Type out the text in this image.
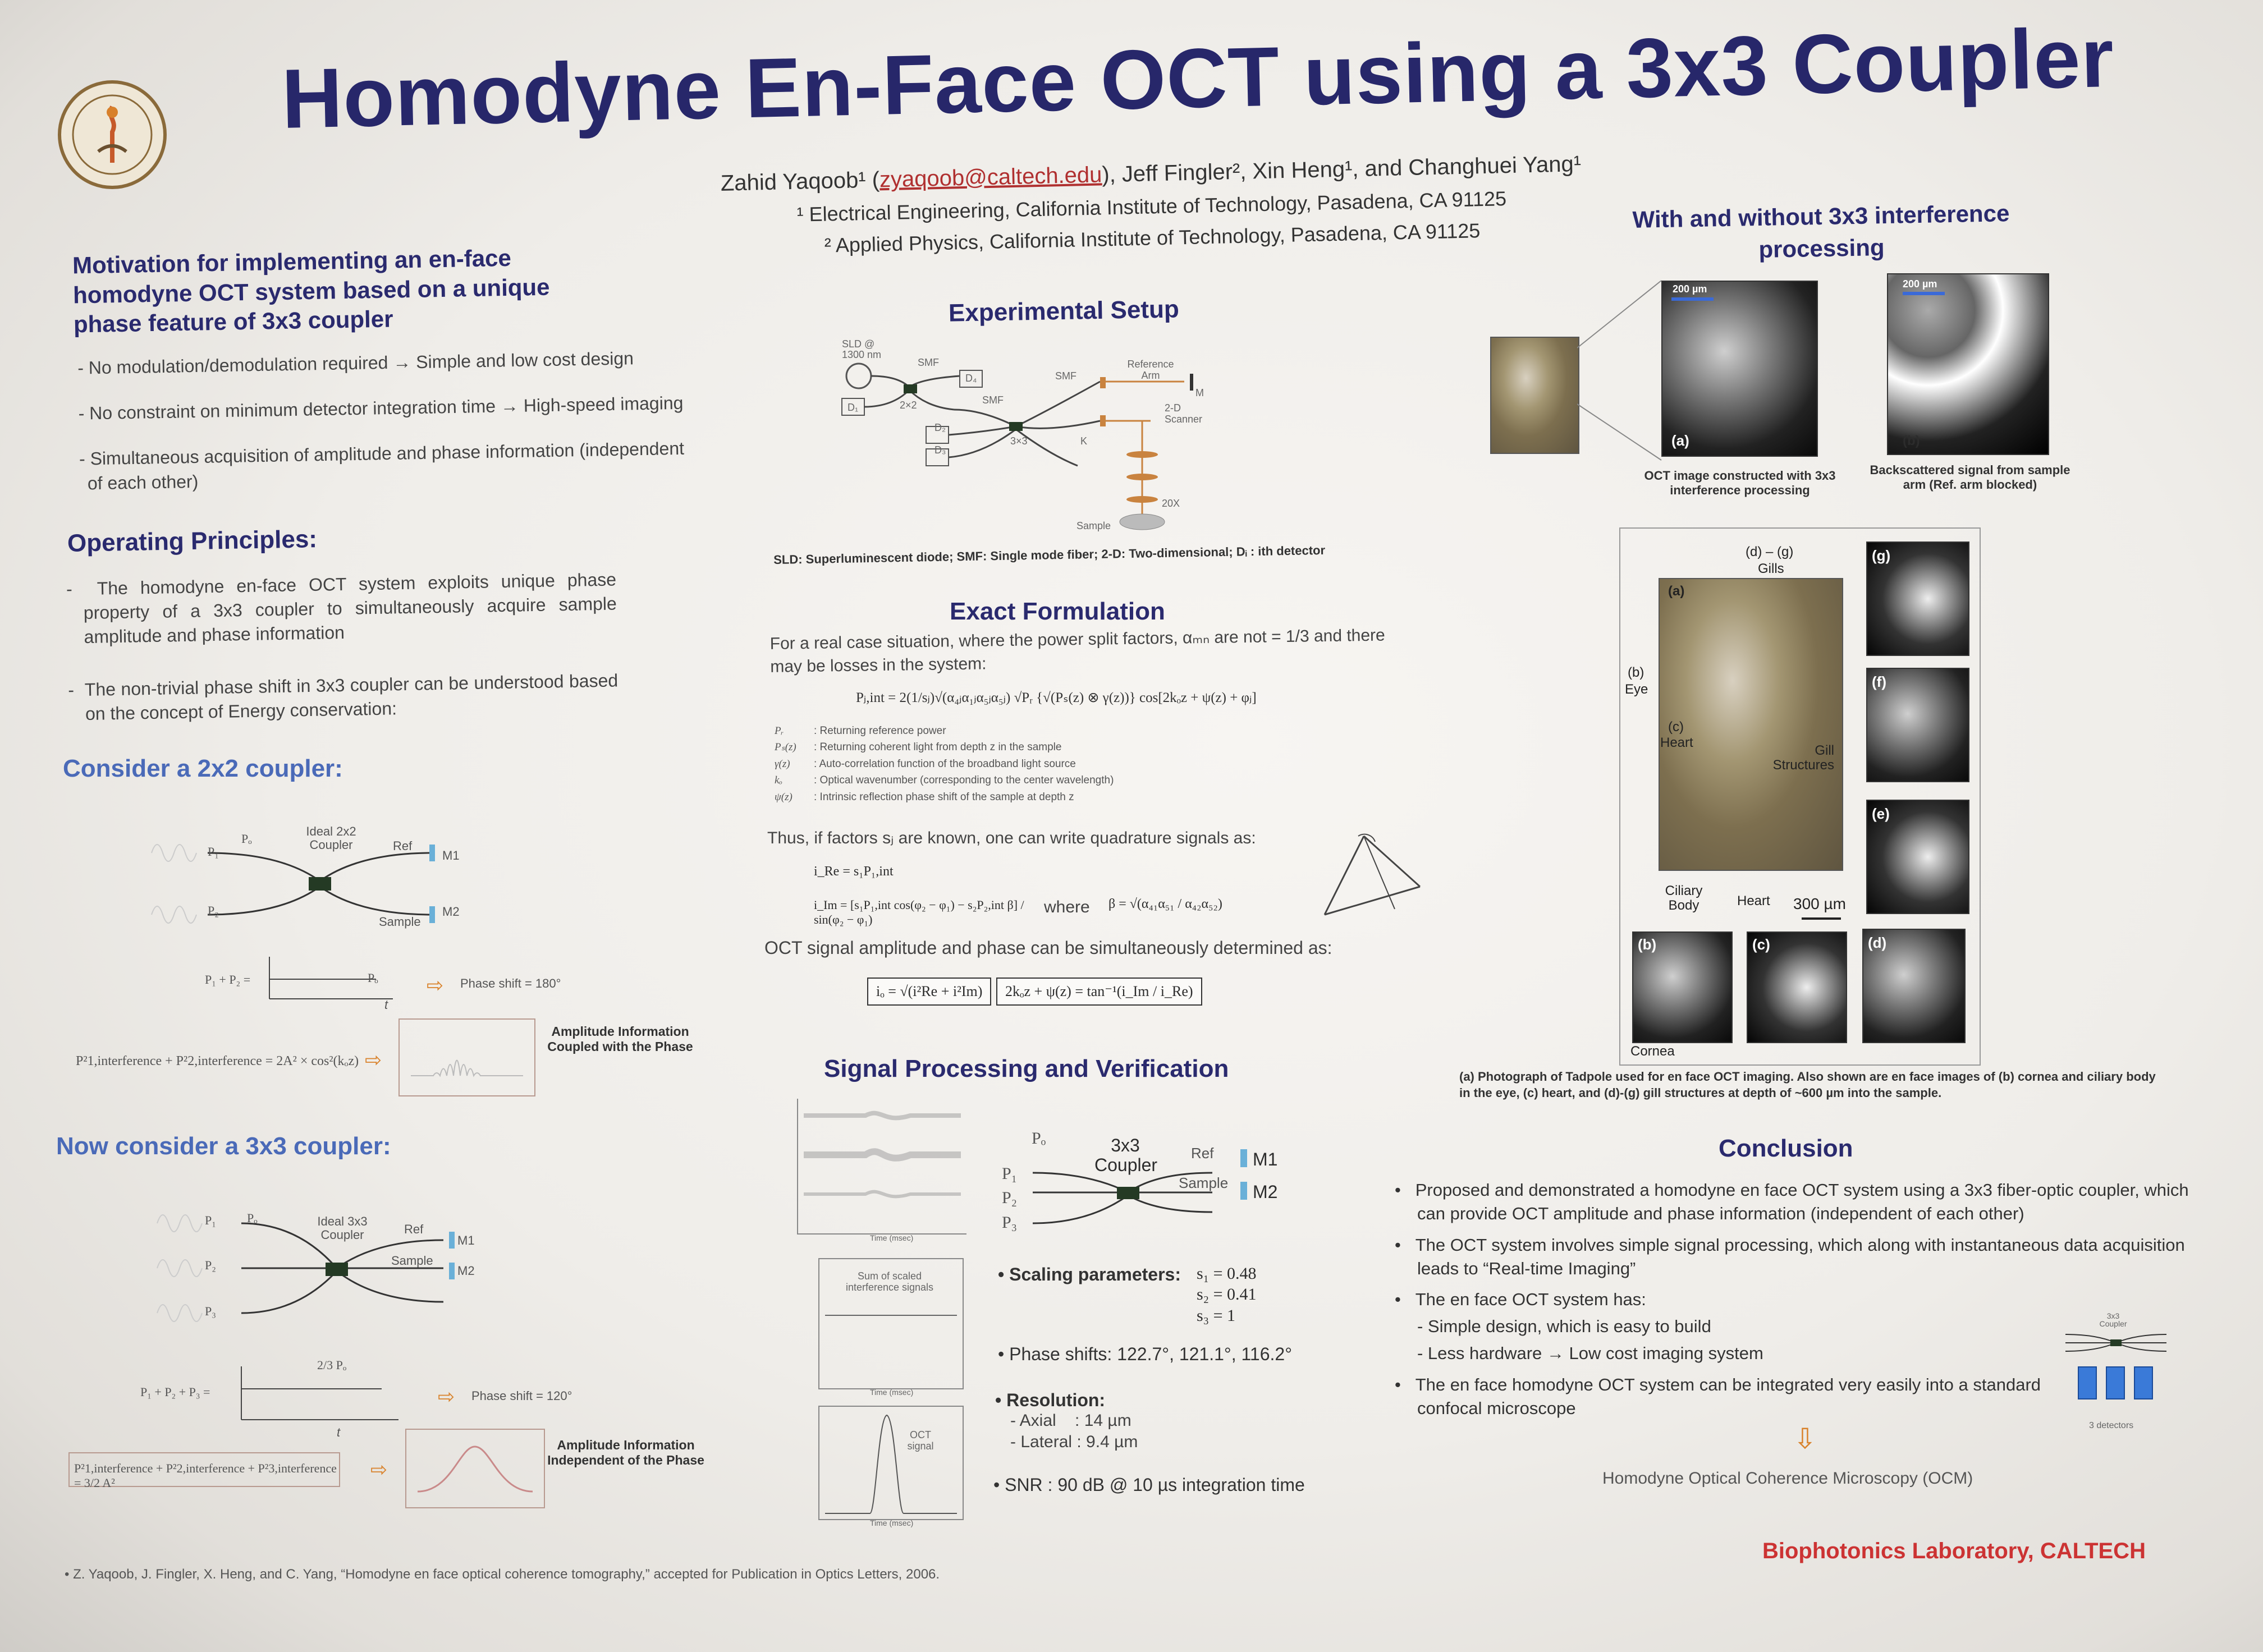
Homodyne En-Face OCT using a 3x3 Coupler
Zahid Yaqoob¹ (zyaqoob@caltech.edu), Jeff Fingler², Xin Heng¹, and Changhuei Yang¹
¹ Electrical Engineering, California Institute of Technology, Pasadena, CA 91125
² Applied Physics, California Institute of Technology, Pasadena, CA 91125
Motivation for implementing an en-face homodyne OCT system based on a unique phase feature of 3x3 coupler
- No modulation/demodulation required → Simple and low cost design
- No constraint on minimum detector integration time → High-speed imaging
- Simultaneous acquisition of amplitude and phase information (independent of each other)
Operating Principles:
-  The homodyne en-face OCT system exploits unique phase property of a 3x3 coupler to simultaneously acquire sample amplitude and phase information
-  The non-trivial phase shift in 3x3 coupler can be understood based on the concept of Energy conservation:
Consider a 2x2 coupler:
P₁
Pₒ
P₂
Ideal 2x2 Coupler	Ref
Sample
M1
M2
P₁ + P₂ =	Pₒ
t
⇨ Phase shift = 180°
P²1,interference + P²2,interference = 2A² × cos²(kₒz) ⇨
Amplitude Information Coupled with the Phase
Now consider a 3x3 coupler:
P₁	Pₒ
P₂
P₃
Ideal 3x3 Coupler	Ref
Sample
M1
M2
P₁ + P₂ + P₃ =
2/3 Pₒ
t
⇨ Phase shift = 120°
P²1,interference + P²2,interference + P²3,interference = 3/2 A²
⇨
Amplitude Information Independent of the Phase
Experimental Setup
SLD @ 1300 nm
SMF
SMF
SMF
2×2
3×3
Reference Arm
M
2-D Scanner
20X
Sample
D₁
D₂
D₃
D₄
K
SLD: Superluminescent diode; SMF: Single mode fiber; 2-D: Two-dimensional; Dᵢ : ith detector
Exact Formulation
For a real case situation, where the power split factors, αₘₙ are not = 1/3 and there may be losses in the system:
Pⱼ,int = 2(1/sⱼ)√(α₄ⱼα₁ⱼα₅ⱼα₅ⱼ) √Pᵣ {√(Pₛ(z) ⊗ γ(z))} cos[2kₒz + ψ(z) + φⱼ]
Pᵣ	: Returning reference power
Pₛ(z) : Returning coherent light from depth z in the sample
γ(z) : Auto-correlation function of the broadband light source
kₒ	: Optical wavenumber (corresponding to the center wavelength)
ψ(z) : Intrinsic reflection phase shift of the sample at depth z
Thus, if factors sⱼ are known, one can write quadrature signals as:
i_Re = s₁P₁,int
i_Im = [s₁P₁,int cos(φ₂ − φ₁) − s₂P₂,int β] / sin(φ₂ − φ₁)
where β = √(α₄₁α₅₁ / α₄₂α₅₂)
OCT signal amplitude and phase can be simultaneously determined as:
iₒ = √(i²Re + i²Im)	2kₒz + ψ(z) = tan⁻¹(i_Im / i_Re)
Signal Processing and Verification
Time (msec)
Sum of scaled interference signals
Time (msec)
OCT signal
Time (msec)
Pₒ
P₁
P₂
P₃
3x3 Coupler
Ref
Sample
M1
M2
• Scaling parameters: s₁ = 0.48
s₂ = 0.41
s₃ = 1
• Phase shifts: 122.7°, 121.1°, 116.2°
• Resolution:
- Axial    : 14 µm
- Lateral : 9.4 µm
• SNR : 90 dB @ 10 µs integration time
With and without 3x3 interference processing
200 µm
(a)
200 µm
(b)
OCT image constructed with 3x3 interference processing
Backscattered signal from sample arm (Ref. arm blocked)
(a)
(d) – (g)
Gills
(b)
Eye
(c)
Heart
Gill Structures
Ciliary Body	Heart 300 µm
(b)
Cornea
(c)	(d)
(g)
(f)
(e)
(a) Photograph of Tadpole used for en face OCT imaging. Also shown are en face images of (b) cornea and ciliary body in the eye, (c) heart, and (d)-(g) gill structures at depth of ~600 µm into the sample.
Conclusion
•   Proposed and demonstrated a homodyne en face OCT system using a 3x3 fiber-optic coupler, which can provide OCT amplitude and phase information (independent of each other)
•   The OCT system involves simple signal processing, which along with instantaneous data acquisition leads to “Real-time Imaging”
•   The en face OCT system has:
- Simple design, which is easy to build
- Less hardware → Low cost imaging system
•   The en face homodyne OCT system can be integrated very easily into a standard confocal microscope
⇩
Homodyne Optical Coherence Microscopy (OCM)
3x3 Coupler
3 detectors
• Z. Yaqoob, J. Fingler, X. Heng, and C. Yang, “Homodyne en face optical coherence tomography,” accepted for Publication in Optics Letters, 2006.
Biophotonics Laboratory, CALTECH
